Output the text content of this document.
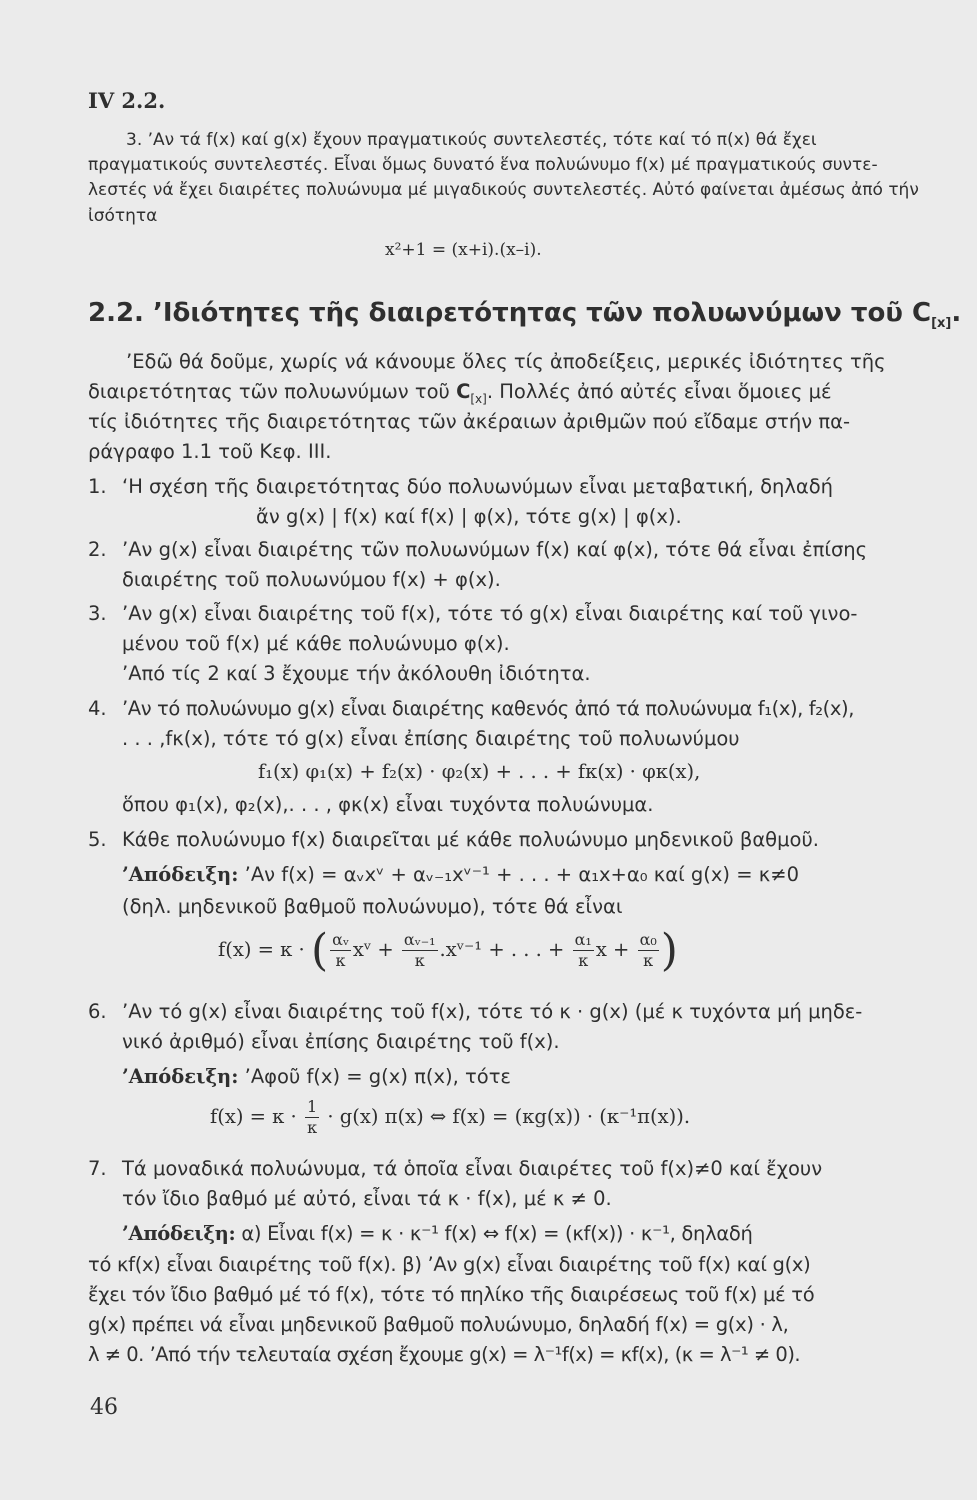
IV 2.2.
3. ’Αν τά f(x) καί g(x) ἔχουν πραγματικούς συντελεστές, τότε καί τό π(x) θά ἔχει
πραγματικούς συντελεστές. Εἶναι ὅμως δυνατό ἕνα πολυώνυμο f(x) μέ πραγματικούς συντε-
λεστές νά ἔχει διαιρέτες πολυώνυμα μέ μιγαδικούς συντελεστές. Αὐτό φαίνεται ἀμέσως ἀπό τήν
ἰσότητα
x²+1 = (x+i).(x–i).
2.2. ’Ιδιότητες τῆς διαιρετότητας τῶν πολυωνύμων τοῦ $C_{[x]}$.
’Εδῶ θά δοῦμε, χωρίς νά κάνουμε ὅλες τίς ἀποδείξεις, μερικές ἰδιότητες τῆς
διαιρετότητας τῶν πολυωνύμων τοῦ $C_{[x]}$. Πολλές ἀπό αὐτές εἶναι ὅμοιες μέ
τίς ἰδιότητες τῆς διαιρετότητας τῶν ἀκέραιων ἀριθμῶν πού εἴδαμε στήν πα-
ράγραφο 1.1 τοῦ Κεφ. ΙΙΙ.
1. ‘Η σχέση τῆς διαιρετότητας δύο πολυωνύμων εἶναι μεταβατική, δηλαδή
ἄν g(x) | f(x) καί f(x) | φ(x), τότε g(x) | φ(x).
2. ’Αν g(x) εἶναι διαιρέτης τῶν πολυωνύμων f(x) καί φ(x), τότε θά εἶναι ἐπίσης
διαιρέτης τοῦ πολυωνύμου f(x) + φ(x).
3. ’Αν g(x) εἶναι διαιρέτης τοῦ f(x), τότε τό g(x) εἶναι διαιρέτης καί τοῦ γινο-
μένου τοῦ f(x) μέ κάθε πολυώνυμο φ(x).
’Από τίς 2 καί 3 ἔχουμε τήν ἀκόλουθη ἰδιότητα.
4. ’Αν τό πολυώνυμο g(x) εἶναι διαιρέτης καθενός ἀπό τά πολυώνυμα f₁(x), f₂(x),
. . . ,fκ(x), τότε τό g(x) εἶναι ἐπίσης διαιρέτης τοῦ πολυωνύμου
f₁(x) φ₁(x) + f₂(x) · φ₂(x) + . . . + fκ(x) · φκ(x),
ὅπου φ₁(x), φ₂(x),. . . , φκ(x) εἶναι τυχόντα πολυώνυμα.
5. Κάθε πολυώνυμο f(x) διαιρεῖται μέ κάθε πολυώνυμο μηδενικοῦ βαθμοῦ.
’Απόδειξη: ’Αν f(x) = αᵥxᵛ + αᵥ₋₁xᵛ⁻¹ + . . . + α₁x+α₀ καί g(x) = κ≠0
(δηλ. μηδενικοῦ βαθμοῦ πολυώνυμο), τότε θά εἶναι
f(x) = κ · ( $\frac{\text{αᵥ}}{\kappa}$ xᵛ + $\frac{\text{αᵥ₋₁}}{\kappa}$ .xᵛ⁻¹ + . . . + $\frac{\text{α₁}}{\kappa}$ $x + \frac{\text{α₀}}{\kappa}$ )
6. ’Αν τό g(x) εἶναι διαιρέτης τοῦ f(x), τότε τό κ · g(x) (μέ κ τυχόντα μή μηδε-
νικό ἀριθμό) εἶναι ἐπίσης διαιρέτης τοῦ f(x).
’Απόδειξη: ’Αφοῦ f(x) = g(x) π(x), τότε
$f(x) = \kappa \cdot \frac{1}{\kappa} \cdot g(x)$ π(x) ⇔ f(x) = (κg(x)) · (κ⁻¹π(x)).
7. Τά μοναδικά πολυώνυμα, τά ὁποῖα εἶναι διαιρέτες τοῦ f(x)≠0 καί ἔχουν
τόν ἴδιο βαθμό μέ αὐτό, εἶναι τά κ · f(x), μέ κ ≠ 0.
’Απόδειξη: α) Εἶναι f(x) = κ · κ⁻¹ f(x) ⇔ f(x) = (κf(x)) · κ⁻¹, δηλαδή
τό κf(x) εἶναι διαιρέτης τοῦ f(x). β) ’Αν g(x) εἶναι διαιρέτης τοῦ f(x) καί g(x)
ἔχει τόν ἴδιο βαθμό μέ τό f(x), τότε τό πηλίκο τῆς διαιρέσεως τοῦ f(x) μέ τό
g(x) πρέπει νά εἶναι μηδενικοῦ βαθμοῦ πολυώνυμο, δηλαδή f(x) = g(x) · λ,
λ ≠ 0. ’Από τήν τελευταία σχέση ἔχουμε g(x) = λ⁻¹f(x) = κf(x), (κ = λ⁻¹ ≠ 0).
46
